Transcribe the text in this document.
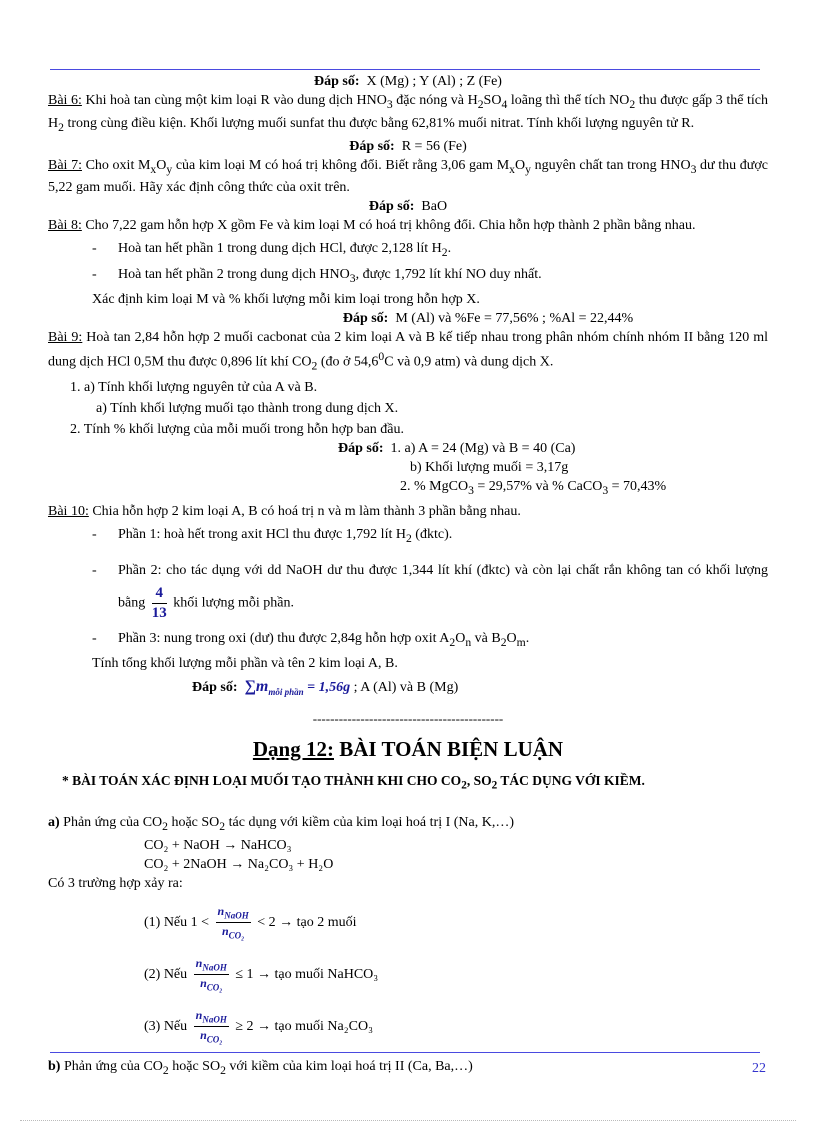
Đáp số: X (Mg) ; Y (Al) ; Z (Fe)

Bài 6: Khi hoà tan cùng một kim loại R vào dung dịch $HNO_3$ đặc nóng và $H_2SO_4$ loãng thì thể tích $NO_2$ thu được gấp 3 thể tích $H_2$ trong cùng điều kiện. Khối lượng muối sunfat thu được bằng 62,81% muối nitrat. Tính khối lượng nguyên tử R.

Đáp số: R = 56 (Fe)

Bài 7: Cho oxit $M_xO_y$ của kim loại M có hoá trị không đổi. Biết rằng 3,06 gam $M_xO_y$ nguyên chất tan trong $HNO_3$ dư thu được 5,22 gam muối. Hãy xác định công thức của oxit trên.

Đáp số: BaO

Bài 8: Cho 7,22 gam hỗn hợp X gồm Fe và kim loại M có hoá trị không đổi. Chia hỗn hợp thành 2 phần bằng nhau.

- Hoà tan hết phần 1 trong dung dịch HCl, được 2,128 lít $H_2$.

- Hoà tan hết phần 2 trong dung dịch $HNO_3$, được 1,792 lít khí NO duy nhất.

Xác định kim loại M và % khối lượng mỗi kim loại trong hỗn hợp X.

Đáp số: M (Al) và %Fe = 77,56% ; %Al = 22,44%

Bài 9: Hoà tan 2,84 hỗn hợp 2 muối cacbonat của 2 kim loại A và B kế tiếp nhau trong phân nhóm chính nhóm II bằng 120 ml dung dịch HCl 0,5M thu được 0,896 lít khí $CO_2$ (đo ở 54,6$^0$C và 0,9 atm) và dung dịch X.

1. a) Tính khối lượng nguyên tử của A và B.

a) Tính khối lượng muối tạo thành trong dung dịch X.

2. Tính % khối lượng của mỗi muối trong hỗn hợp ban đầu.

Đáp số: 1. a) A = 24 (Mg) và B = 40 (Ca)

b) Khối lượng muối = 3,17g

2. % MgCO$_3$ = 29,57% và % CaCO$_3$ = 70,43%

Bài 10: Chia hỗn hợp 2 kim loại A, B có hoá trị n và m làm thành 3 phần bằng nhau.

- Phần 1: hoà hết trong axit HCl thu được 1,792 lít $H_2$ (đktc).

- Phần 2: cho tác dụng với dd NaOH dư thu được 1,344 lít khí (đktc) và còn lại chất rắn không tan có khối lượng bằng $\frac{4}{13}$ khối lượng mỗi phần.

- Phần 3: nung trong oxi (dư) thu được 2,84g hỗn hợp oxit $A_2O_n$ và $B_2O_m$.

Tính tổng khối lượng mỗi phần và tên 2 kim loại A, B.

Đáp số: $\sum m_{mỗi phần} = 1,56g$ ; A (Al) và B (Mg)

--------------------------------------------

Dạng 12: BÀI TOÁN BIỆN LUẬN

* BÀI TOÁN XÁC ĐỊNH LOẠI MUỐI TẠO THÀNH KHI CHO $CO_2$, $SO_2$ TÁC DỤNG VỚI KIỀM.

a) Phản ứng của $CO_2$ hoặc $SO_2$ tác dụng với kiềm của kim loại hoá trị I (Na, K,…)

CO₂ + NaOH → NaHCO₃

CO₂ + 2NaOH → Na₂CO₃ + H₂O

Có 3 trường hợp xảy ra:

(1) Nếu $1 < \frac{n_{NaOH}}{n_{CO_2}} < 2$ → tạo 2 muối

(2) Nếu $\frac{n_{NaOH}}{n_{CO_2}} \le 1$ → tạo muối NaHCO₃

(3) Nếu $\frac{n_{NaOH}}{n_{CO_2}} \ge 2$ → tạo muối Na₂CO₃

b) Phản ứng của $CO_2$ hoặc $SO_2$ với kiềm của kim loại hoá trị II (Ca, Ba,…)	22
